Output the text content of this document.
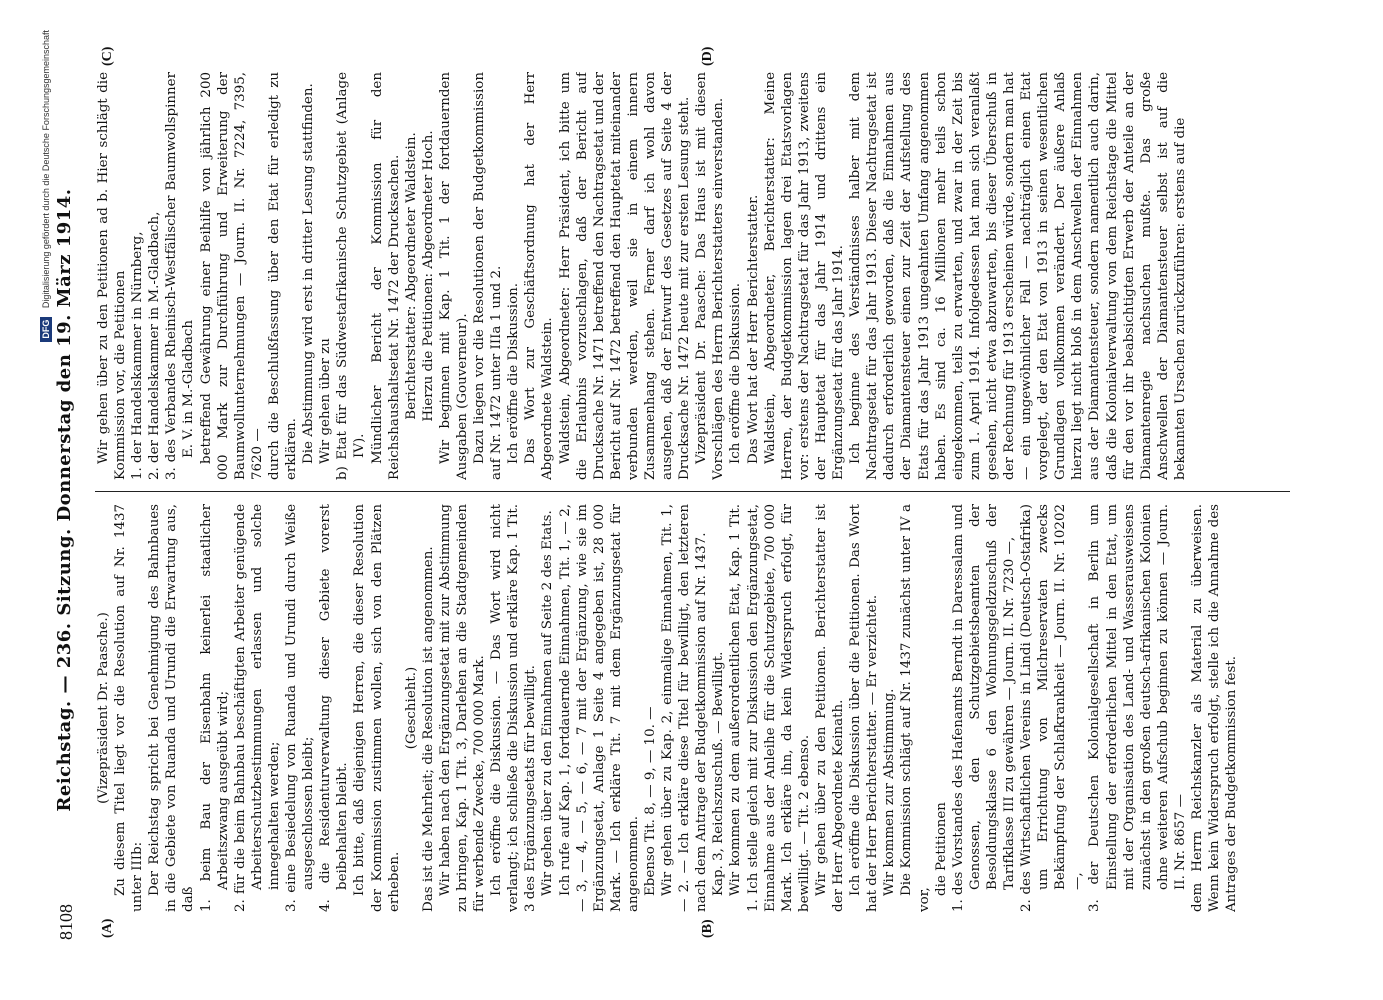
8108
Reichstag. — 236. Sitzung. Donnerstag den 19. März 1914.
(A)	(B)
(C)	(D)

(Vizepräsident Dr. Paasche.) Zu diesem Titel liegt vor die Resolution auf Nr. 1437 unter IIIb: Der Reichstag spricht bei Genehmigung des Bahnbaues in die Gebiete von Ruanda und Urundi die Erwartung aus, daß 1. beim Bau der Eisenbahn keinerlei staatlicher Arbeitszwang ausgeübt wird; 2. für die beim Bahnbau beschäftigten Arbeiter genügende Arbeiterschutzbestimmungen erlassen und solche innegehalten werden; 3. eine Besiedelung von Ruanda und Urundi durch Weiße ausgeschlossen bleibt; 4. die Residenturverwaltung dieser Gebiete vorerst beibehalten bleibt. Ich bitte, daß diejenigen Herren, die dieser Resolution der Kommission zustimmen wollen, sich von den Plätzen erheben.

(Geschieht.) Das ist die Mehrheit; die Resolution ist angenommen. Wir haben nach den Ergänzungsetat mit zur Abstimmung zu bringen, Kap. 1 Tit. 3, Darlehen an die Stadtgemeinden für werbende Zwecke, 700 000 Mark. Ich eröffne die Diskussion. — Das Wort wird nicht verlangt; ich schließe die Diskussion und erkläre Kap. 1 Tit. 3 des Ergänzungsetats für bewilligt. Wir gehen über zu den Einnahmen auf Seite 2 des Etats. Ich rufe auf Kap. 1, fortdauernde Einnahmen, Tit. 1, — 2, — 3, — 4, — 5, — 6, — 7 mit der Ergänzung, wie sie im Ergänzungsetat, Anlage 1 Seite 4 angegeben ist, 28 000 Mark. — Ich erkläre Tit. 7 mit dem Ergänzungsetat für angenommen. Ebenso Tit. 8, — 9, — 10. — Wir gehen über zu Kap. 2, einmalige Einnahmen, Tit. 1, — 2. — Ich erkläre diese Titel für bewilligt, den letzteren nach dem Antrage der Budgetkommission auf Nr. 1437. Kap. 3, Reichszuschuß. — Bewilligt. Wir kommen zu dem außerordentlichen Etat, Kap. 1 Tit. 1. Ich stelle gleich mit zur Diskussion den Ergänzungsetat, Einnahme aus der Anleihe für die Schutzgebiete, 700 000 Mark. Ich erkläre ihn, da kein Widerspruch erfolgt, für bewilligt. — Tit. 2 ebenso. Wir gehen über zu den Petitionen. Berichterstatter ist der Herr Abgeordnete Keinath. Ich eröffne die Diskussion über die Petitionen. Das Wort hat der Herr Berichterstatter. — Er verzichtet. Wir kommen zur Abstimmung. Die Kommission schlägt auf Nr. 1437 zunächst unter IV a vor,

die Petitionen 1. des Vorstandes des Hafenamts Berndt in Daressalam und Genossen, den Schutzgebietsbeamten der Besoldungsklasse 6 den Wohnungsgeldzuschuß der Tarifklasse III zu gewähren — Journ. II. Nr. 7230 —, 2. des Wirtschaftlichen Vereins in Lindi (Deutsch-Ostafrika) um Errichtung von Milchreservaten zwecks Bekämpfung der Schlafkrankheit — Journ. II. Nr. 10202 —, 3. der Deutschen Kolonialgesellschaft in Berlin um Einstellung der erforderlichen Mittel in den Etat, um mit der Organisation des Land- und Wasserausweisens zunächst in den großen deutsch-afrikanischen Kolonien ohne weiteren Aufschub beginnen zu können — Journ. II. Nr. 8657 — dem Herrn Reichskanzler als Material zu überweisen. Wenn kein Widerspruch erfolgt, stelle ich die Annahme des Antrages der Budgetkommission fest.

Wir gehen über zu den Petitionen ad b. Hier schlägt die Kommission vor, die Petitionen 1. der Handelskammer in Nürnberg, 2. der Handelskammer in M.-Gladbach, 3. des Verbandes Rheinisch-Westfälischer Baumwollspinner E. V. in M.-Gladbach betreffend Gewährung einer Beihilfe von jährlich 200 000 Mark zur Durchführung und Erweiterung der Baumwollunternehmungen — Journ. II. Nr. 7224, 7395, 7620 — durch die Beschlußfassung über den Etat für erledigt zu erklären. Die Abstimmung wird erst in dritter Lesung stattfinden. Wir gehen über zu b) Etat für das Südwestafrikanische Schutzgebiet (Anlage IV). Mündlicher Bericht der Kommission für den Reichshaushaltsetat Nr. 1472 der Drucksachen. Berichterstatter: Abgeordneter Waldstein. Hierzu die Petitionen: Abgeordneter Hoch. Wir beginnen mit Kap. 1 Tit. 1 der fortdauernden Ausgaben (Gouverneur). Dazu liegen vor die Resolutionen der Budgetkommission auf Nr. 1472 unter IIIa 1 und 2. Ich eröffne die Diskussion. Das Wort zur Geschäftsordnung hat der Herr Abgeordnete Waldstein. Waldstein, Abgeordneter: Herr Präsident, ich bitte um die Erlaubnis vorzuschlagen, daß der Bericht auf Drucksache Nr. 1471 betreffend den Nachtragsetat und der Bericht auf Nr. 1472 betreffend den Hauptetat miteinander verbunden werden, weil sie in einem innern Zusammenhang stehen. Ferner darf ich wohl davon ausgehen, daß der Entwurf des Gesetzes auf Seite 4 der Drucksache Nr. 1472 heute mit zur ersten Lesung steht. Vizepräsident Dr. Paasche: Das Haus ist mit diesen Vorschlägen des Herrn Berichterstatters einverstanden. Ich eröffne die Diskussion. Das Wort hat der Herr Berichterstatter. Waldstein, Abgeordneter, Berichterstatter: Meine Herren, der Budgetkommission lagen drei Etatsvorlagen vor: erstens der Nachtragsetat für das Jahr 1913, zweitens der Hauptetat für das Jahr 1914 und drittens ein Ergänzungsetat für das Jahr 1914. Ich beginne des Verständnisses halber mit dem Nachtragsetat für das Jahr 1913. Dieser Nachtragsetat ist dadurch erforderlich geworden, daß die Einnahmen aus der Diamantensteuer einen zur Zeit der Aufstellung des Etats für das Jahr 1913 ungeahnten Umfang angenommen haben. Es sind ca. 16 Millionen mehr teils schon eingekommen, teils zu erwarten, und zwar in der Zeit bis zum 1. April 1914. Infolgedessen hat man sich veranlaßt gesehen, nicht etwa abzuwarten, bis dieser Überschuß in der Rechnung für 1913 erscheinen würde, sondern man hat — ein ungewöhnlicher Fall — nachträglich einen Etat vorgelegt, der den Etat von 1913 in seinen wesentlichen Grundlagen vollkommen verändert. Der äußere Anlaß hierzu liegt nicht bloß in dem Anschwellen der Einnahmen aus der Diamantensteuer, sondern namentlich auch darin, daß die Kolonialverwaltung von dem Reichstage die Mittel für den vor ihr beabsichtigten Erwerb der Anteile an der Diamantenregie nachsuchen mußte. Das große Anschwellen der Diamantensteuer selbst ist auf die bekannten Ursachen zurückzuführen: erstens auf die

DFG Digitalisierung gefördert durch die Deutsche Forschungsgemeinschaft
